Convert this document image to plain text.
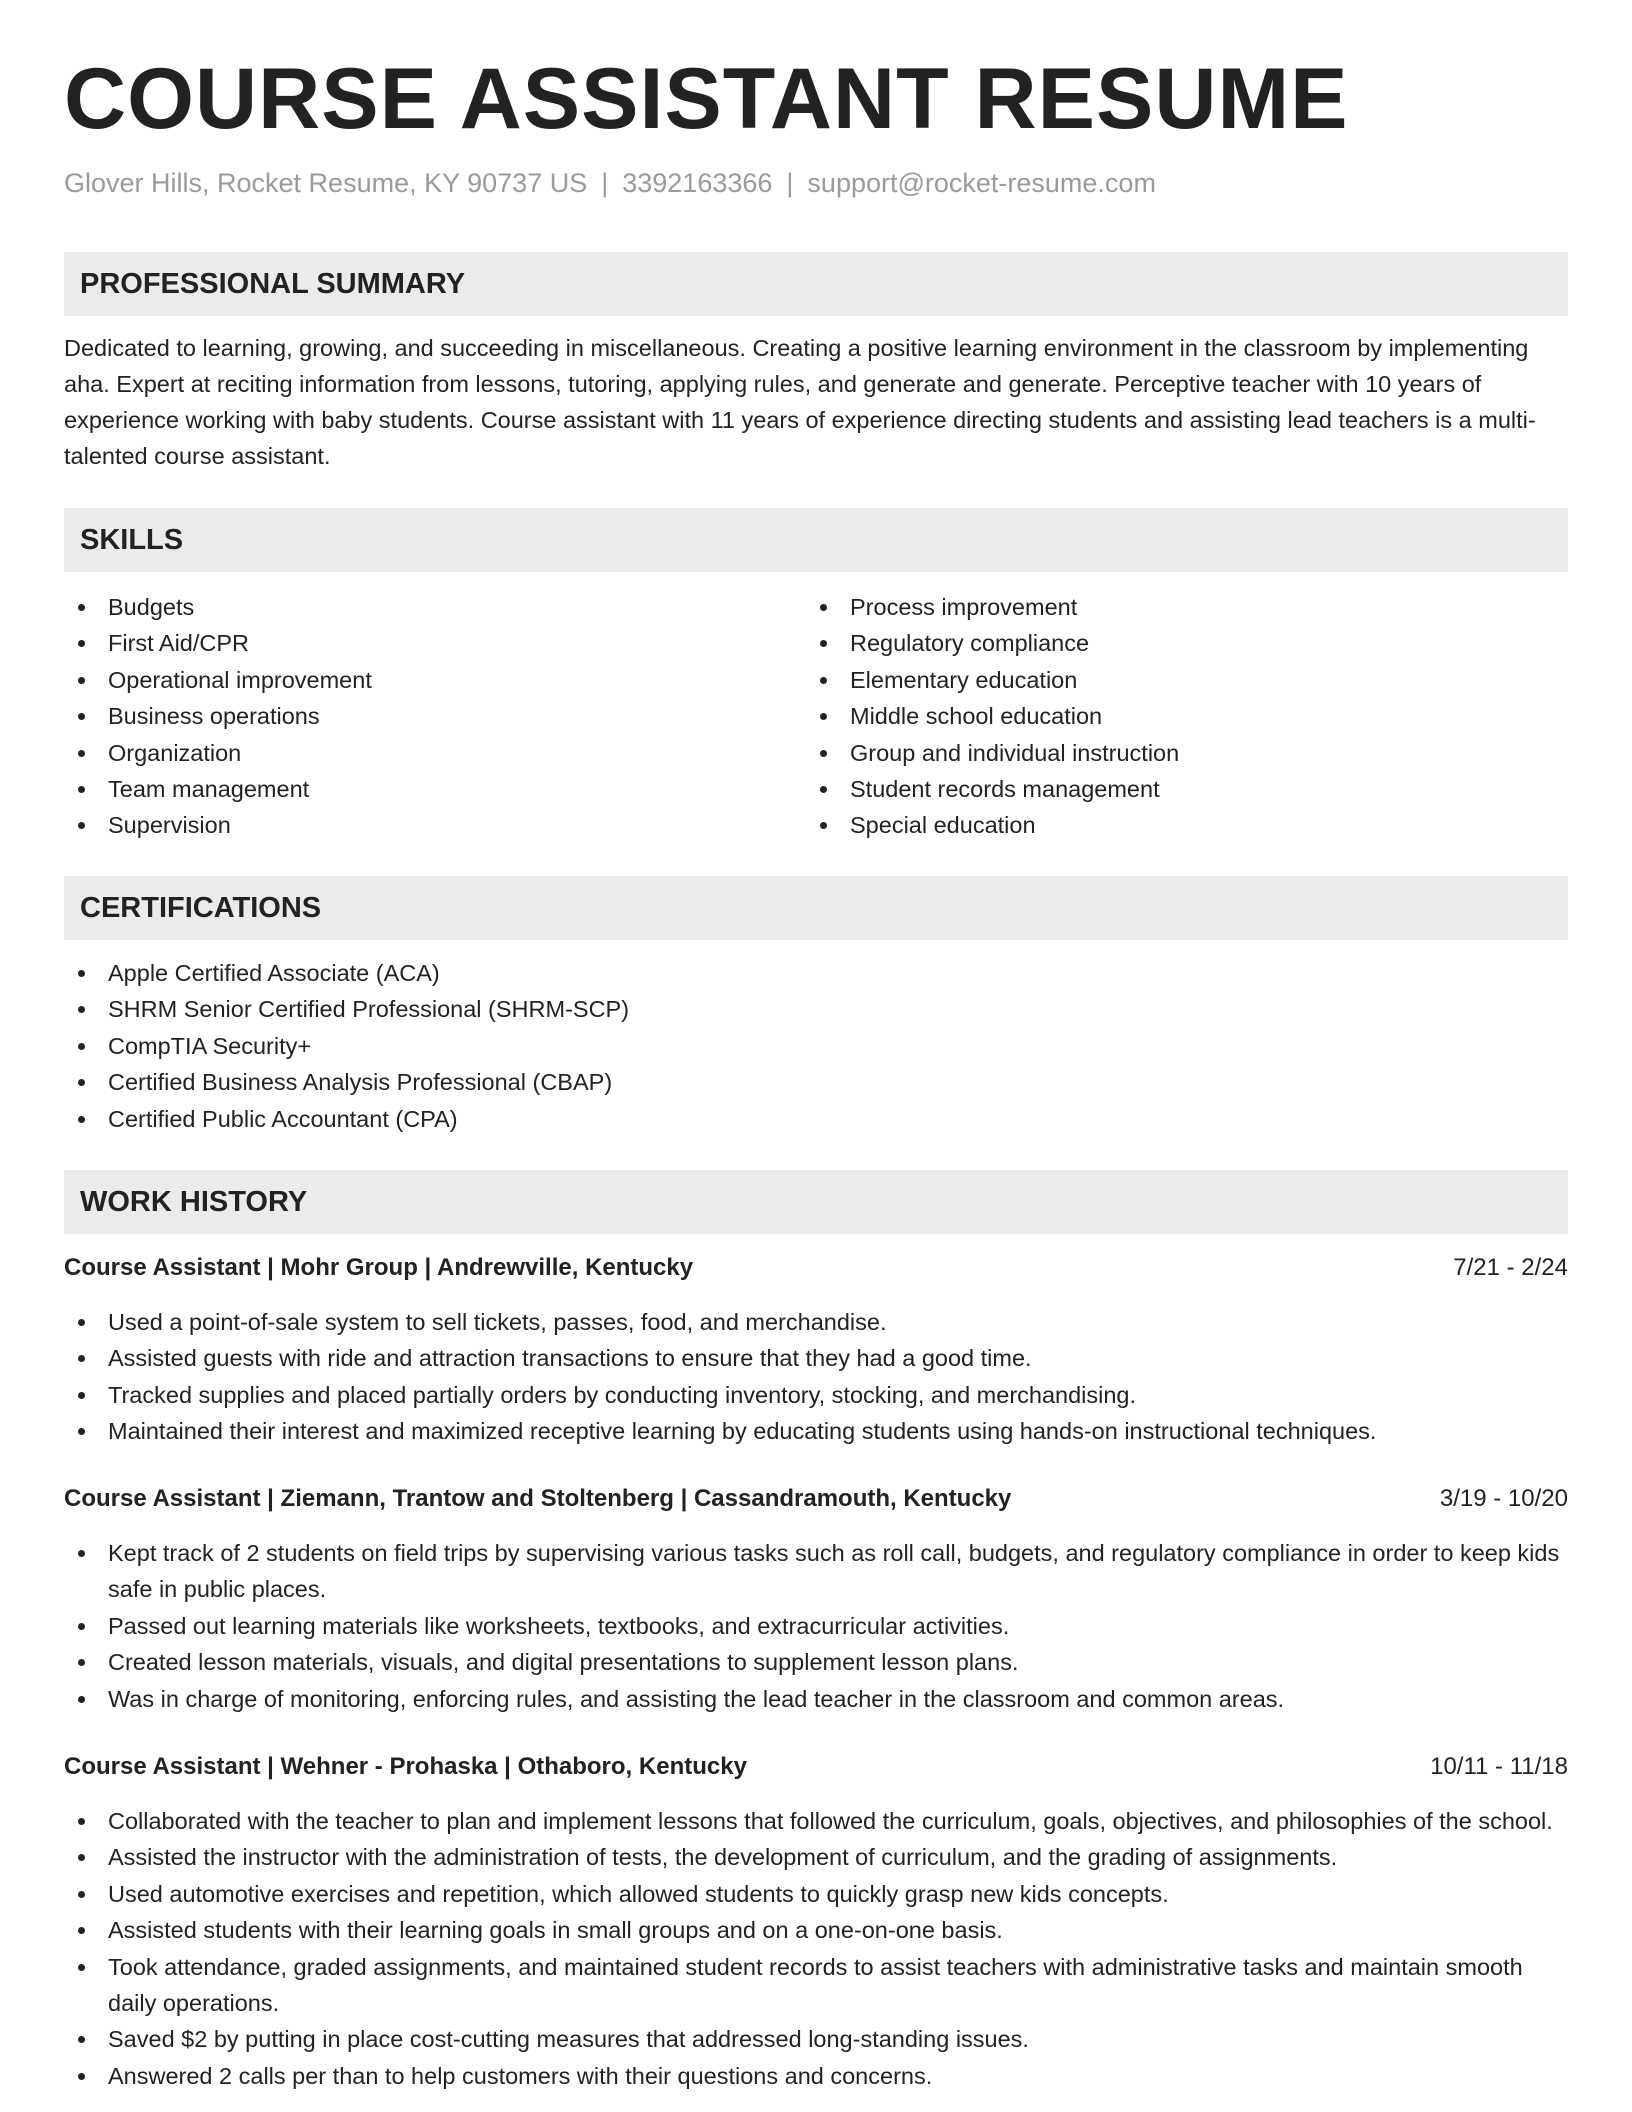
COURSE ASSISTANT RESUME
Glover Hills, Rocket Resume, KY 90737 US | 3392163366 | support@rocket-resume.com
PROFESSIONAL SUMMARY
Dedicated to learning, growing, and succeeding in miscellaneous. Creating a positive learning environment in the classroom by implementing aha. Expert at reciting information from lessons, tutoring, applying rules, and generate and generate. Perceptive teacher with 10 years of experience working with baby students. Course assistant with 11 years of experience directing students and assisting lead teachers is a multi-talented course assistant.
SKILLS
Budgets
First Aid/CPR
Operational improvement
Business operations
Organization
Team management
Supervision
Process improvement
Regulatory compliance
Elementary education
Middle school education
Group and individual instruction
Student records management
Special education
CERTIFICATIONS
Apple Certified Associate (ACA)
SHRM Senior Certified Professional (SHRM-SCP)
CompTIA Security+
Certified Business Analysis Professional (CBAP)
Certified Public Accountant (CPA)
WORK HISTORY
Course Assistant | Mohr Group | Andrewville, Kentucky	7/21 - 2/24
Used a point-of-sale system to sell tickets, passes, food, and merchandise.
Assisted guests with ride and attraction transactions to ensure that they had a good time.
Tracked supplies and placed partially orders by conducting inventory, stocking, and merchandising.
Maintained their interest and maximized receptive learning by educating students using hands-on instructional techniques.
Course Assistant | Ziemann, Trantow and Stoltenberg | Cassandramouth, Kentucky	3/19 - 10/20
Kept track of 2 students on field trips by supervising various tasks such as roll call, budgets, and regulatory compliance in order to keep kids safe in public places.
Passed out learning materials like worksheets, textbooks, and extracurricular activities.
Created lesson materials, visuals, and digital presentations to supplement lesson plans.
Was in charge of monitoring, enforcing rules, and assisting the lead teacher in the classroom and common areas.
Course Assistant | Wehner - Prohaska | Othaboro, Kentucky	10/11 - 11/18
Collaborated with the teacher to plan and implement lessons that followed the curriculum, goals, objectives, and philosophies of the school.
Assisted the instructor with the administration of tests, the development of curriculum, and the grading of assignments.
Used automotive exercises and repetition, which allowed students to quickly grasp new kids concepts.
Assisted students with their learning goals in small groups and on a one-on-one basis.
Took attendance, graded assignments, and maintained student records to assist teachers with administrative tasks and maintain smooth daily operations.
Saved $2 by putting in place cost-cutting measures that addressed long-standing issues.
Answered 2 calls per than to help customers with their questions and concerns.
